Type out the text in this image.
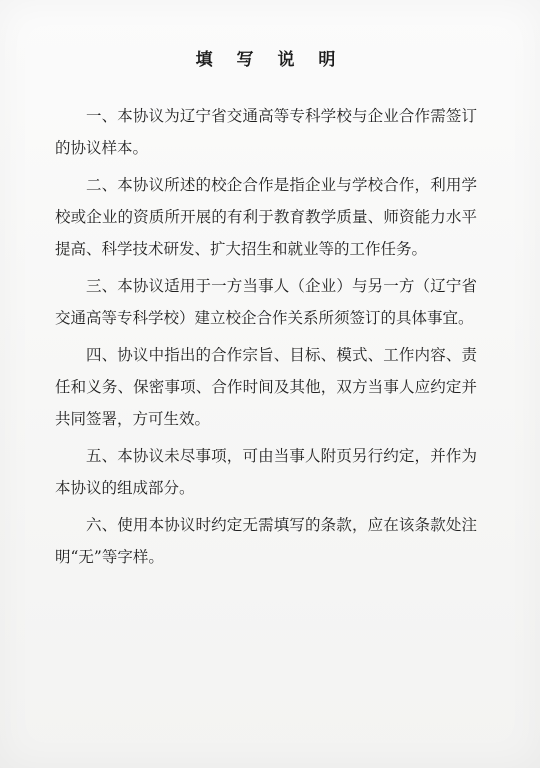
填 写 说 明

一、本协议为辽宁省交通高等专科学校与企业合作需签订的协议样本。

二、本协议所述的校企合作是指企业与学校合作，利用学校或企业的资质所开展的有利于教育教学质量、师资能力水平提高、科学技术研发、扩大招生和就业等的工作任务。

三、本协议适用于一方当事人（企业）与另一方（辽宁省交通高等专科学校）建立校企合作关系所须签订的具体事宜。

四、协议中指出的合作宗旨、目标、模式、工作内容、责任和义务、保密事项、合作时间及其他，双方当事人应约定并共同签署，方可生效。

五、本协议未尽事项，可由当事人附页另行约定，并作为本协议的组成部分。

六、使用本协议时约定无需填写的条款，应在该条款处注明“无”等字样。
